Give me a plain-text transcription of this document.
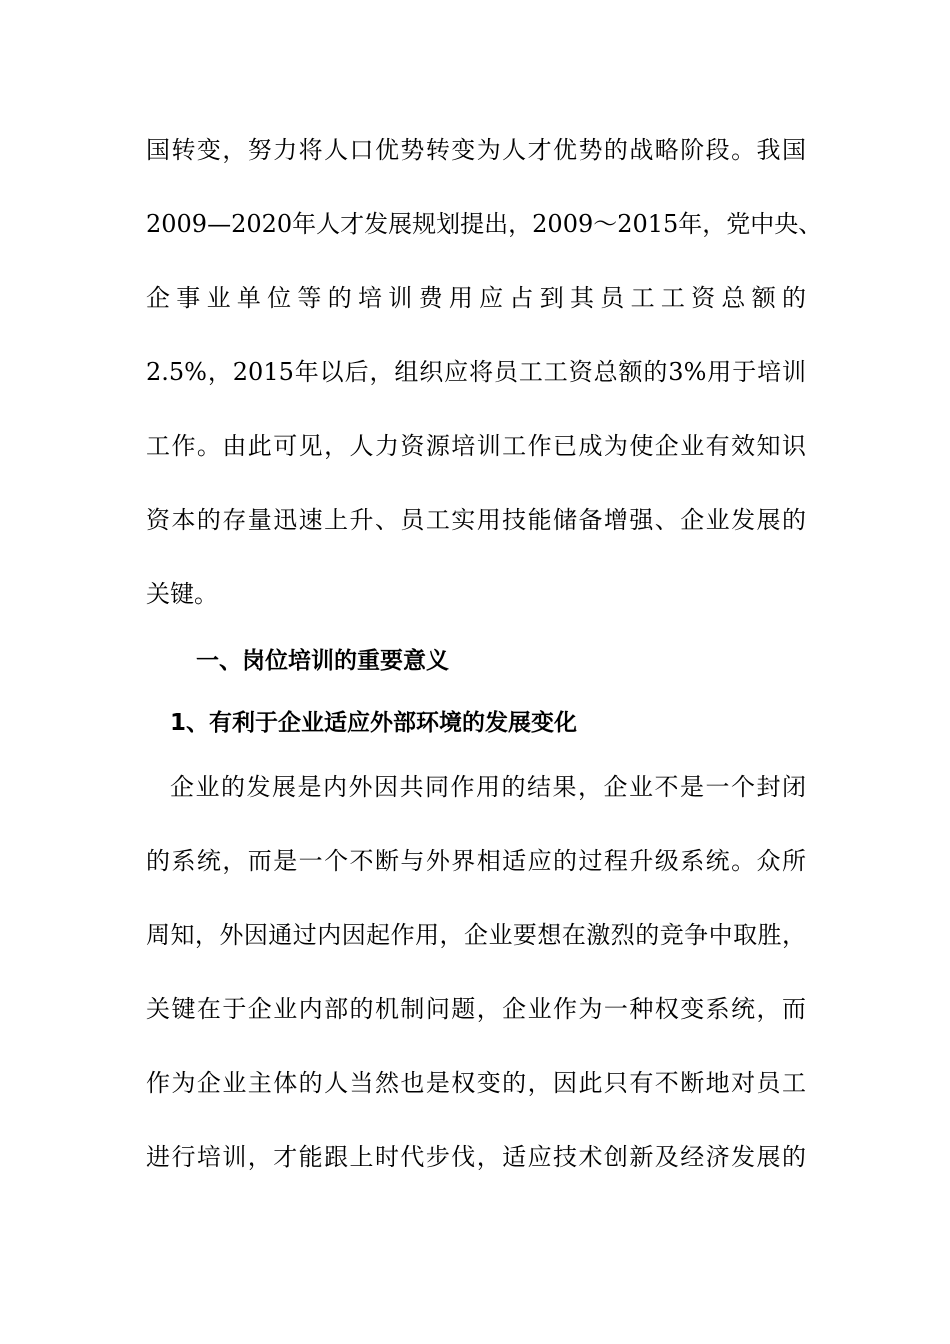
国转变，努力将人口优势转变为人才优势的战略阶段。我国
2009—2020年人才发展规划提出，2009～2015年，党中央、
企事业单位等的培训费用应占到其员工工资总额的
2.5%，2015年以后，组织应将员工工资总额的3%用于培训
工作。由此可见，人力资源培训工作已成为使企业有效知识
资本的存量迅速上升、员工实用技能储备增强、企业发展的
关键。
一、岗位培训的重要意义
1、有利于企业适应外部环境的发展变化
企业的发展是内外因共同作用的结果，企业不是一个封闭
的系统，而是一个不断与外界相适应的过程升级系统。众所
周知，外因通过内因起作用，企业要想在激烈的竞争中取胜，
关键在于企业内部的机制问题，企业作为一种权变系统，而
作为企业主体的人当然也是权变的，因此只有不断地对员工
进行培训，才能跟上时代步伐，适应技术创新及经济发展的
